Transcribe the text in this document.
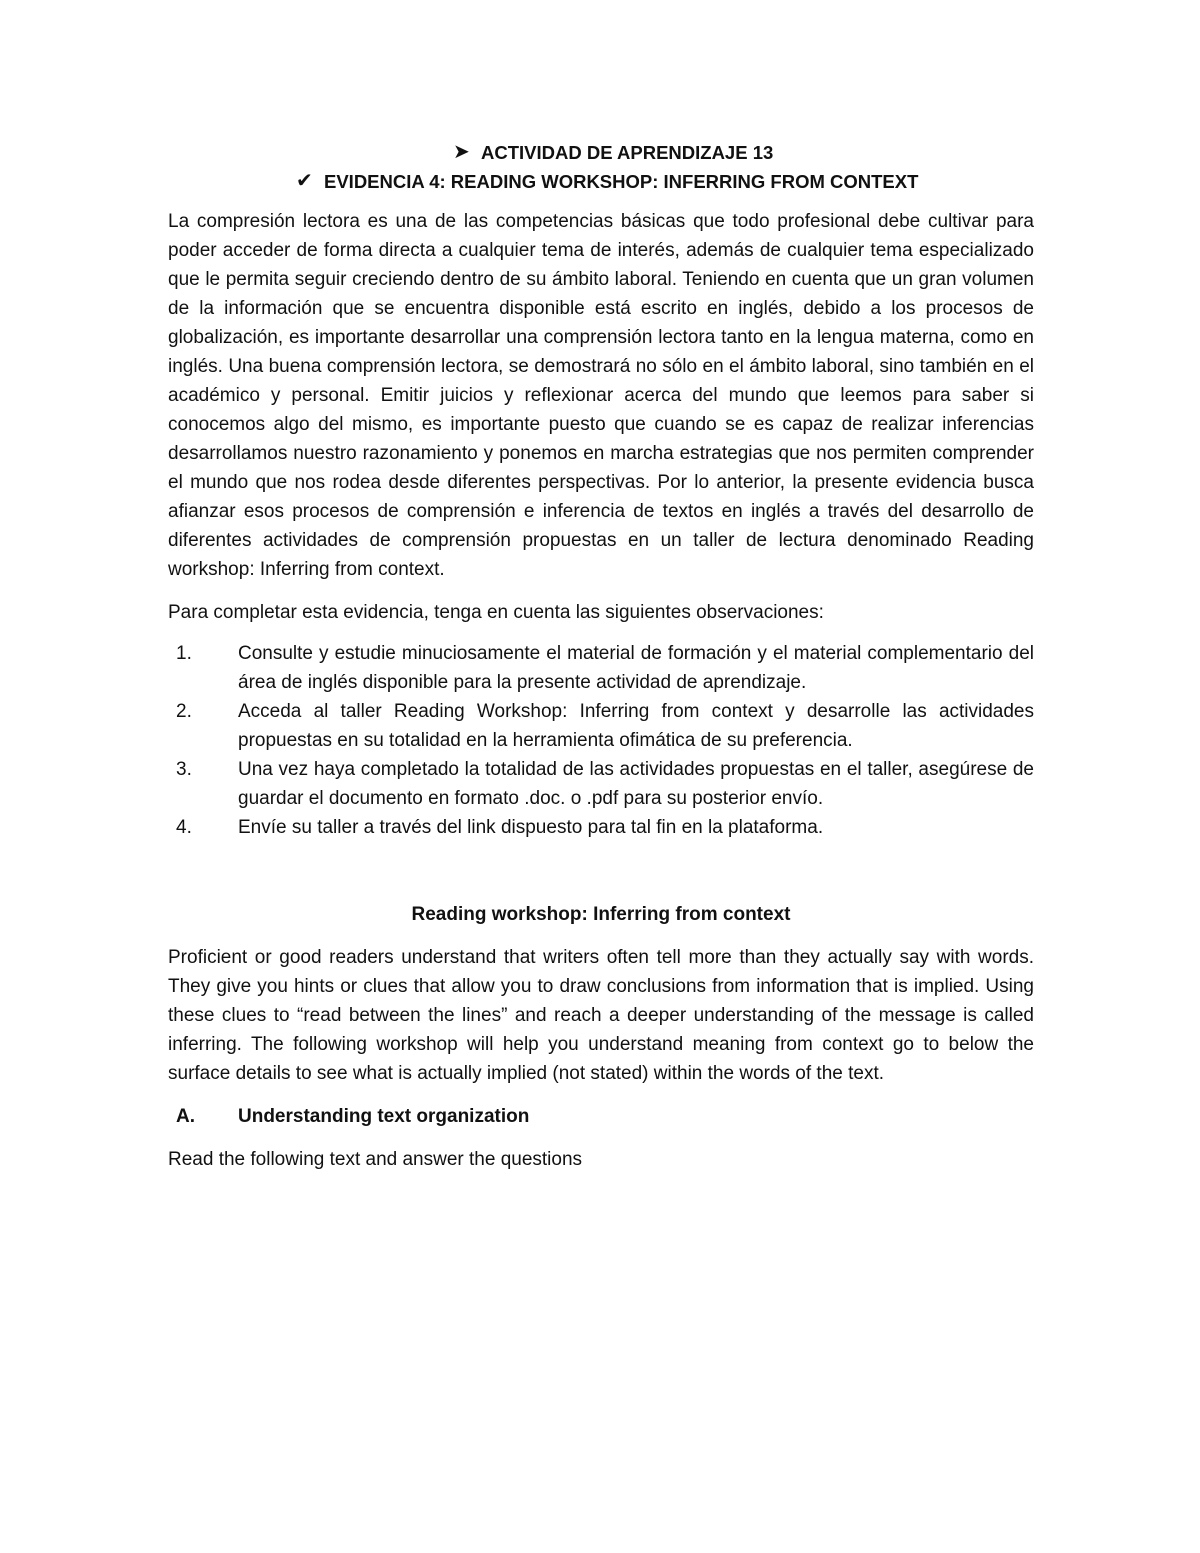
➤ ACTIVIDAD DE APRENDIZAJE 13
✔ EVIDENCIA 4: READING WORKSHOP: INFERRING FROM CONTEXT

La compresión lectora es una de las competencias básicas que todo profesional debe cultivar para poder acceder de forma directa a cualquier tema de interés, además de cualquier tema especializado que le permita seguir creciendo dentro de su ámbito laboral. Teniendo en cuenta que un gran volumen de la información que se encuentra disponible está escrito en inglés, debido a los procesos de globalización, es importante desarrollar una comprensión lectora tanto en la lengua materna, como en inglés. Una buena comprensión lectora, se demostrará no sólo en el ámbito laboral, sino también en el académico y personal. Emitir juicios y reflexionar acerca del mundo que leemos para saber si conocemos algo del mismo, es importante puesto que cuando se es capaz de realizar inferencias desarrollamos nuestro razonamiento y ponemos en marcha estrategias que nos permiten comprender el mundo que nos rodea desde diferentes perspectivas. Por lo anterior, la presente evidencia busca afianzar esos procesos de comprensión e inferencia de textos en inglés a través del desarrollo de diferentes actividades de comprensión propuestas en un taller de lectura denominado Reading workshop: Inferring from context.

Para completar esta evidencia, tenga en cuenta las siguientes observaciones:

1.	Consulte y estudie minuciosamente el material de formación y el material complementario del área de inglés disponible para la presente actividad de aprendizaje.
2.	Acceda al taller Reading Workshop: Inferring from context y desarrolle las actividades propuestas en su totalidad en la herramienta ofimática de su preferencia.
3.	Una vez haya completado la totalidad de las actividades propuestas en el taller, asegúrese de guardar el documento en formato .doc. o .pdf para su posterior envío.
4.	Envíe su taller a través del link dispuesto para tal fin en la plataforma.
Reading workshop: Inferring from context

Proficient or good readers understand that writers often tell more than they actually say with words. They give you hints or clues that allow you to draw conclusions from information that is implied. Using these clues to “read between the lines” and reach a deeper understanding of the message is called inferring. The following workshop will help you understand meaning from context go to below the surface details to see what is actually implied (not stated) within the words of the text.

A.	Understanding text organization

Read the following text and answer the questions
